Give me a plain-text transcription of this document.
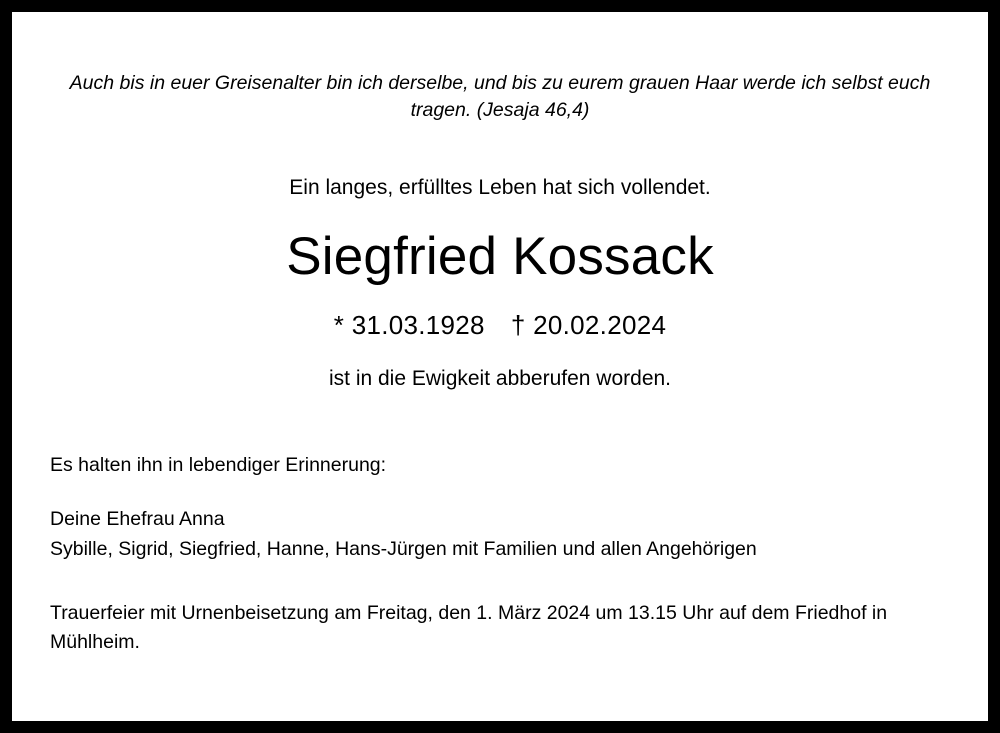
Auch bis in euer Greisenalter bin ich derselbe, und bis zu eurem grauen Haar werde ich selbst euch tragen. (Jesaja 46,4)
Ein langes, erfülltes Leben hat sich vollendet.
Siegfried Kossack
* 31.03.1928 † 20.02.2024
ist in die Ewigkeit abberufen worden.
Es halten ihn in lebendiger Erinnerung:
Deine Ehefrau Anna
Sybille, Sigrid, Siegfried, Hanne, Hans-Jürgen mit Familien und allen Angehörigen
Trauerfeier mit Urnenbeisetzung am Freitag, den 1. März 2024 um 13.15 Uhr auf dem Friedhof in Mühlheim.
